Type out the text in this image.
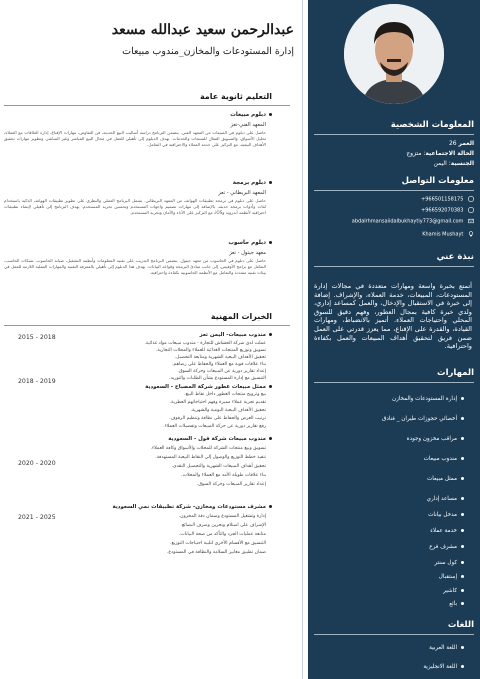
المعلومات الشخصية
العمر 26
الحالة الاجتماعية: متزوج
الجنسية: اليمن
معلومات التواصل
+966501158175
+966592070383
abdalrhmansaiidalbukhaytiy773@gmail.com
Khamis Mushayt
نبذة عني
أتمتع بخبرة واسعة ومهارات متعددة في مجالات إدارة المستودعات، المبيعات، خدمة العملاء، والإشراف. إضافة إلى خبرة في الاستقبال والإدخال، والعمل كمساعد إداري، ولدي خبرة كافية بمجال العطور، وفهم دقيق للسوق المحلي واحتياجات العملاء. أتميز بالانضباط، ومهارات القيادة، والقدرة على الإقناع، مما يعزز قدرتي على العمل ضمن فريق لتحقيق أهداف المبيعات والعمل بكفاءة واحترافية.
المهارات
إدارة المستودعات والمخازن
أخصائي حجوزات طيران _ فنادق
مراقب مخزون وجودة
مندوب مبيعات
ممثل مبيعات
مساعد إداري
مدخل بيانات
خدمة عملاء
مشرف فرع
كول سنتر
إستقبال
كاشير
بائع
اللغات
اللغة العربية
اللغة الانجليزية
عبدالرحمن سعيد عبدالله مسعد
إدارة المستودعات والمخازن_مندوب مبيعات
التعليم ثانوية عامة
دبلوم مبيعات
المعهد الفني-تعز
حاصل على دبلوم في المبيعات من المعهد الفني. يتضمن البرنامج دراسة أساليب البيع الحديثة، فن التفاوض، مهارات الإقناع، إدارة العلاقات مع العملاء، تحليل الأسواق، والتسويق الفعال للمنتجات والخدمات. يهدف الدبلوم إلى تأهيلي للعمل في مجال البيع المباشر وغير المباشر، وتطوير مهارات تحقيق الأهداف البيعية، مع التركيز على خدمة العملاء والاحترافية في التعامل.
دبلوم برمجة
المعهد البريطاني - تعز
حاصل على دبلوم في برمجة تطبيقات الهواتف من المعهد البريطاني. يشمل البرنامج العملي والنظري على تطوير تطبيقات الهواتف الذكية باستخدام لغات وأدوات برمجة حديثة، بالإضافة إلى مهارات تصميم واجهات المستخدم وتحسين تجربة المستخدم. يهدف البرنامج إلى تأهيلي لإنشاء تطبيقات احترافية لأنظمة أندرويد وiOS، مع التركيز على الأداء والأمان وتجربة المستخدم.
دبلوم حاسوب
معهد جيتول - تعز
حاصل على دبلوم في الحاسوب من معهد جيتول. يتضمن البرنامج التدريب على تقنية المعلومات وأنظمة التشغيل، صيانة الحاسوب، شبكات الحاسب، التعامل مع برامج الأوفيس، إلى جانب مبادئ البرمجة وقواعد البيانات. يهدف هذا الدبلوم إلى تأهيلي بالمعرفة التقنية والمهارات العملية اللازمة للعمل في بيئات تقنية متعددة والتعامل مع الأنظمة الحاسوبية بكفاءة واحترافية.
الخبرات المهنية
مندوب مبيعات- اليمن تعز
2015 - 2018
عملت لدى شركة الحشاش للتجارة - مندوب مبيعات مواد غذائية.
تسويق وتوزيع المنتجات الغذائية للعملاء والمحلات التجارية.
تحقيق الأهداف البيعية الشهرية ومتابعة التحصيل.
بناء علاقات قوية مع العملاء والحفاظ على رضاهم.
إعداد تقارير دورية عن المبيعات وحركة السوق.
التنسيق مع إدارة المستودع بشأن الطلبات والتوريد.
ممثل مبيعات عطور شركة المصباح - السعودية
2018 - 2019
بيع وترويج منتجات العطور داخل نقاط البيع.
تقديم تجربة عملاء مميزة وفهم احتياجاتهم العطرية.
تحقيق الأهداف البيعية اليومية والشهرية.
ترتيب العرض والحفاظ على نظافة وتنظيم الرفوف.
رفع تقارير دورية عن حركة المبيعات وتفضيلات العملاء.
مندوب مبيعات شركة فول - السعودية
2020 - 2020
تسويق وبيع منتجات الشركة للمحلات والأسواق وكافة العملاء.
تنفيذ خطط التوزيع والوصول إلى النقاط البيعية المستهدفة.
تحقيق أهداف المبيعات الشهرية والتحصيل النقدي.
بناء علاقات طويلة الأمد مع العملاء والمحلات.
إعداد تقارير المبيعات وحركة السوق.
مشرف مستودعات ومخازن- شركة تطبيقات نمي السعودية
2021 - 2025	إدارة وتشغيل المستودع وضمان دقة المخزون.
الإشراف على استلام وتخزين وصرف البضائع.
متابعة عمليات الجرد والتأكد من صحة البيانات.
التنسيق مع الأقسام الأخرى لتلبية احتياجات التوزيع.
ضمان تطبيق معايير السلامة والنظافة في المستودع.
